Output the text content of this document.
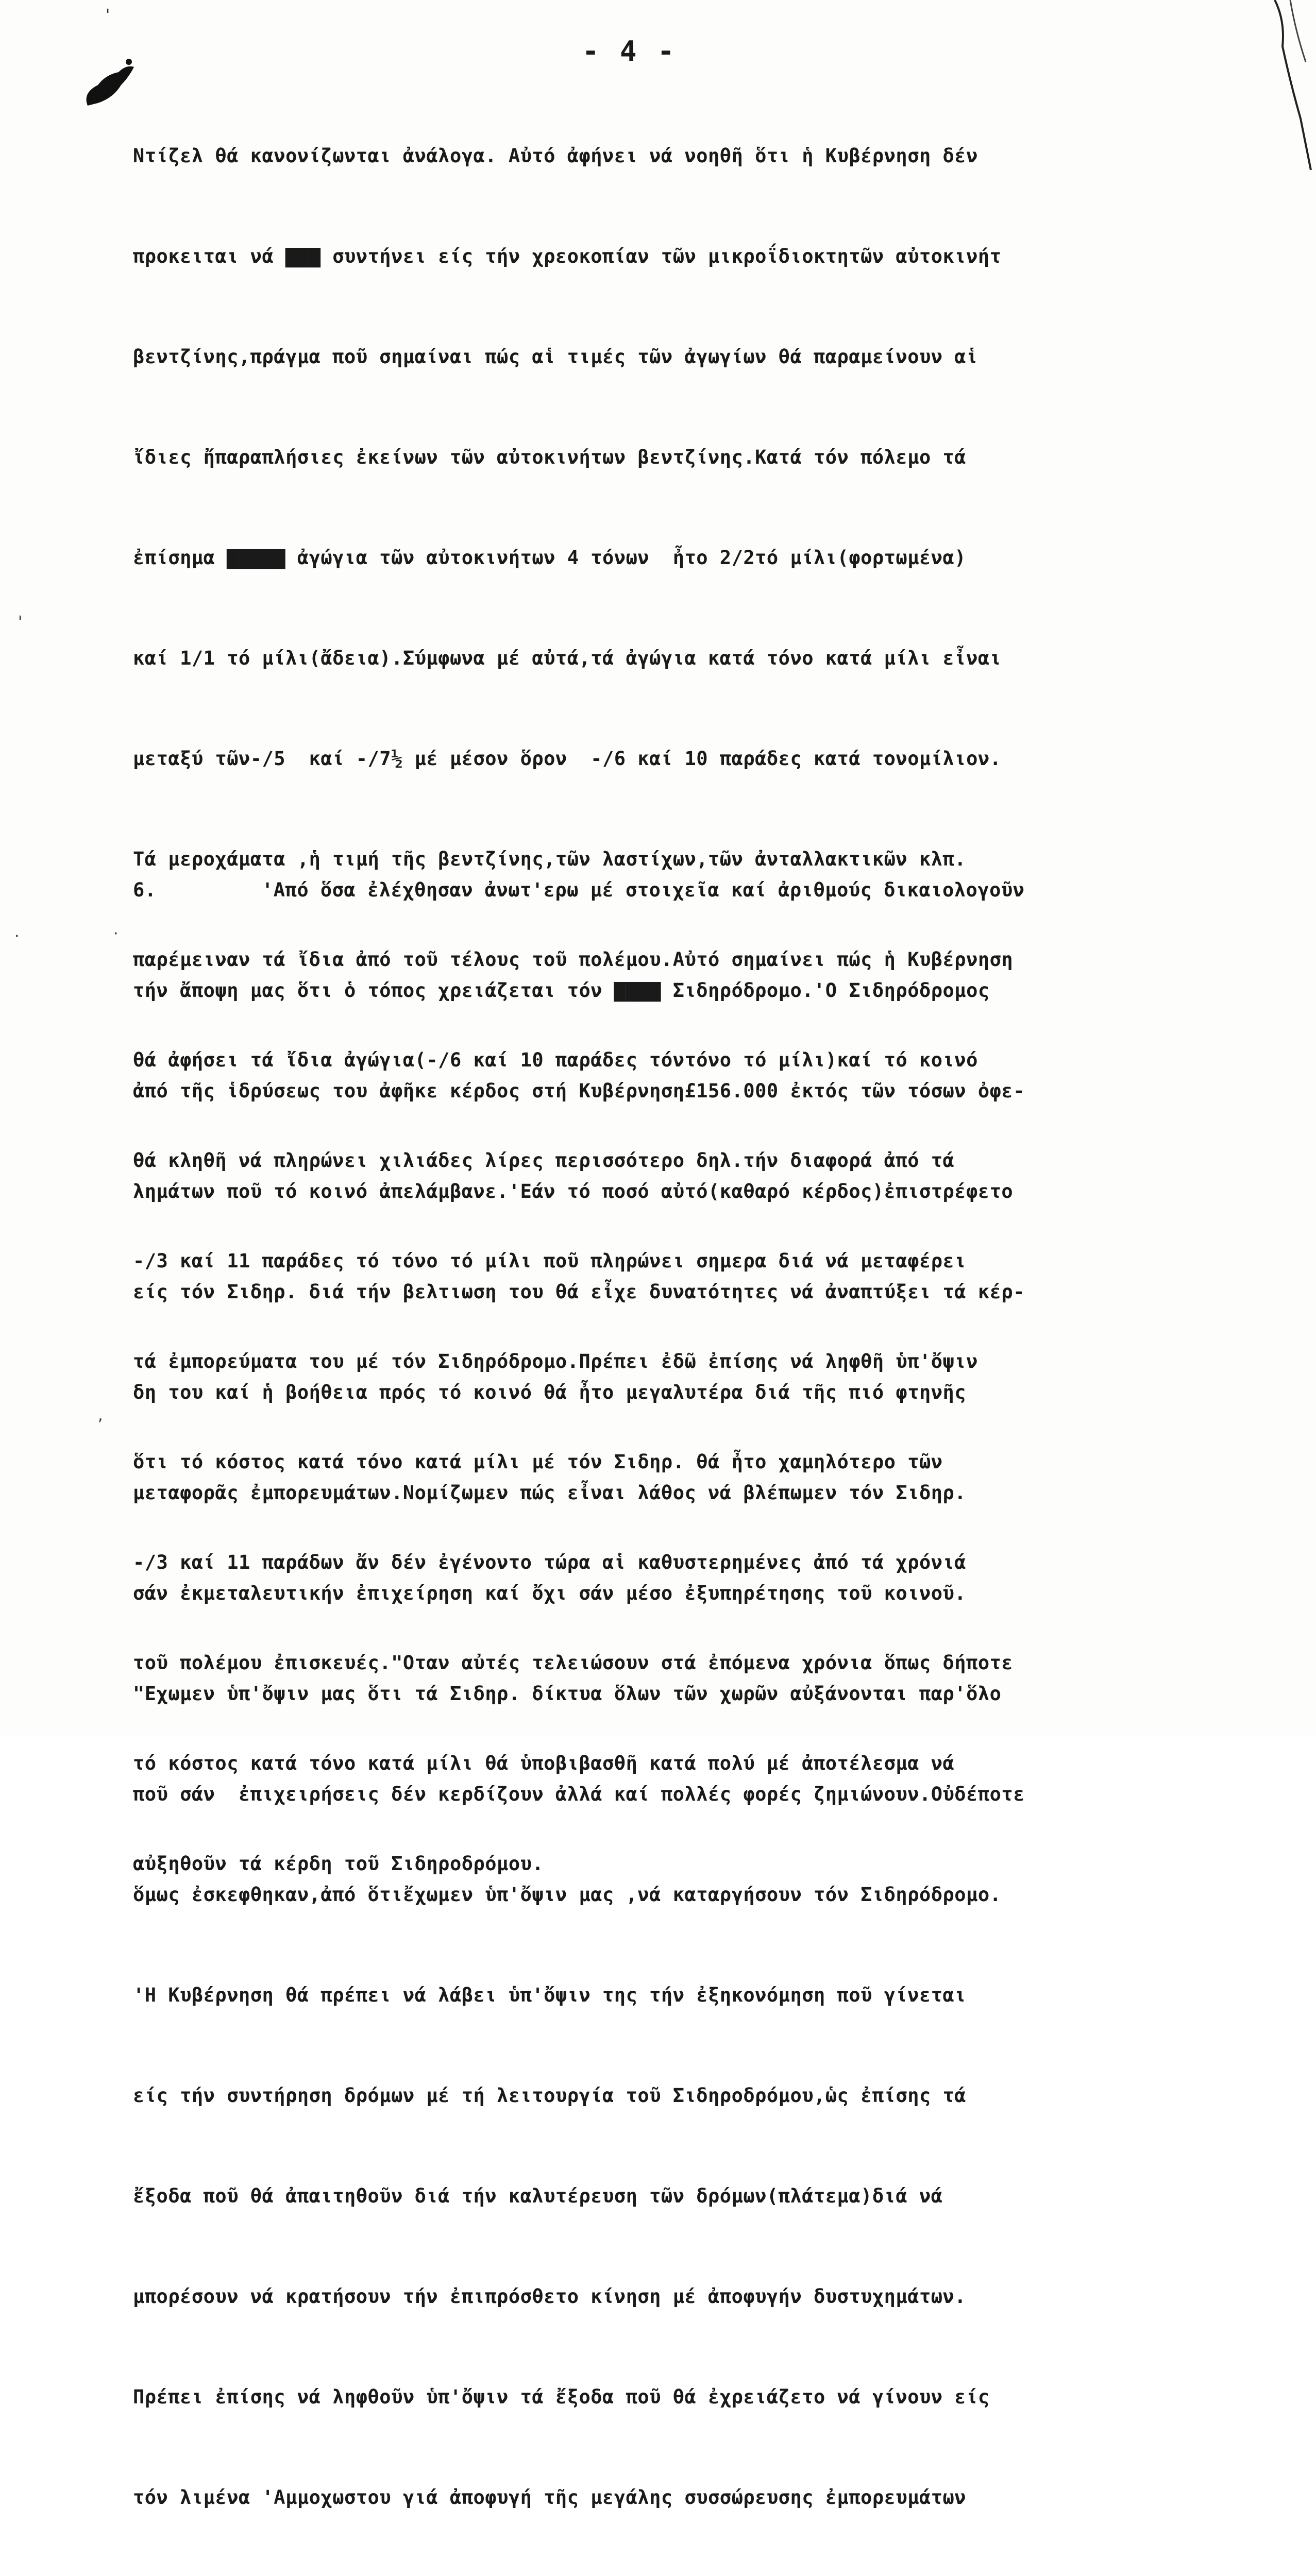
'
'
·	·
,
- 4 -

Ντίζελ θά κανονίζωνται ἀνάλογα. Αὐτό ἀφήνει νά νοηθῆ ὅτι ἡ Κυβέρνηση δέν

προκειται νά ▇▇▇ συντήνει είς τήν χρεοκοπίαν τῶν μικροΐδιοκτητῶν αὐτοκινήτ

βεντζίνης,πράγμα ποῦ σημαίναι πώς αἱ τιμές τῶν ἀγωγίων θά παραμείνουν αἱ

ἴδιες ἤπαραπλήσιες ἐκείνων τῶν αὐτοκινήτων βεντζίνης.Κατά τόν πόλεμο τά

ἐπίσημα ▇▇▇▇▇ ἀγώγια τῶν αὐτοκινήτων 4 τόνων  ἦτο 2/2τό μίλι(φορτωμένα)

καί 1/1 τό μίλι(ἄδεια).Σύμφωνα μέ αὐτά,τά ἀγώγια κατά τόνο κατά μίλι εἶναι

μεταξύ τῶν-/5  καί -/7½ μέ μέσον ὅρον  -/6 καί 10 παράδες κατά τονομίλιον.

Τά μεροχάματα ,ἡ τιμή τῆς βεντζίνης,τῶν λαστίχων,τῶν ἀνταλλακτικῶν κλπ.

παρέμειναν τά ἴδια ἀπό τοῦ τέλους τοῦ πολέμου.Αὐτό σημαίνει πώς ἡ Κυβέρνηση

θά ἀφήσει τά ἴδια ἀγώγια(-/6 καί 10 παράδες τόντόνο τό μίλι)καί τό κοινό

θά κληθῆ νά πληρώνει χιλιάδες λίρες περισσότερο δηλ.τήν διαφορά ἀπό τά

-/3 καί 11 παράδες τό τόνο τό μίλι ποῦ πληρώνει σημερα διά νά μεταφέρει

τά ἐμπορεύματα του μέ τόν Σιδηρόδρομο.Πρέπει ἐδῶ ἐπίσης νά ληφθῆ ὑπ'ὄψιν

ὅτι τό κόστος κατά τόνο κατά μίλι μέ τόν Σιδηρ. θά ἦτο χαμηλότερο τῶν

-/3 καί 11 παράδων ἄν δέν ἐγένοντο τώρα αἱ καθυστερημένες ἀπό τά χρόνιά

τοῦ πολέμου ἐπισκευές."Οταν αὐτές τελειώσουν στά ἐπόμενα χρόνια ὅπως δήποτε

τό κόστος κατά τόνο κατά μίλι θά ὑποβιβασθῆ κατά πολύ μέ ἀποτέλεσμα νά

αὐξηθοῦν τά κέρδη τοῦ Σιδηροδρόμου.

6.	'Από ὅσα ἐλέχθησαν ἀνωτ'ερω μέ στοιχεῖα καί ἀριθμούς δικαιολογοῦν

τήν ἄποψη μας ὅτι ὁ τόπος χρειάζεται τόν ▇▇▇▇ Σιδηρόδρομο.'Ο Σιδηρόδρομος

ἀπό τῆς ἱδρύσεως του ἀφῆκε κέρδος στή Κυβέρνηση£156.000 ἐκτός τῶν τόσων ὀφε-

λημάτων ποῦ τό κοινό ἀπελάμβανε.'Εάν τό ποσό αὐτό(καθαρό κέρδος)ἐπιστρέφετο

είς τόν Σιδηρ. διά τήν βελτιωση του θά εἶχε δυνατότητες νά ἀναπτύξει τά κέρ-

δη του καί ἡ βοήθεια πρός τό κοινό θά ἦτο μεγαλυτέρα διά τῆς πιό φτηνῆς

μεταφορᾶς ἐμπορευμάτων.Νομίζωμεν πώς εἶναι λάθος νά βλέπωμεν τόν Σιδηρ.

σάν ἐκμεταλευτικήν ἐπιχείρηση καί ὄχι σάν μέσο ἐξυπηρέτησης τοῦ κοινοῦ.

"Εχωμεν ὑπ'ὄψιν μας ὅτι τά Σιδηρ. δίκτυα ὅλων τῶν χωρῶν αὐξάνονται παρ'ὅλο

ποῦ σάν  ἐπιχειρήσεις δέν κερδίζουν ἀλλά καί πολλές φορές ζημιώνουν.Οὐδέποτε

ὅμως ἐσκεφθηκαν,ἀπό ὅτιἔχωμεν ὑπ'ὄψιν μας ,νά καταργήσουν τόν Σιδηρόδρομο.

'Η Κυβέρνηση θά πρέπει νά λάβει ὑπ'ὄψιν της τήν ἐξηκονόμηση ποῦ γίνεται

είς τήν συντήρηση δρόμων μέ τή λειτουργία τοῦ Σιδηροδρόμου,ὡς ἐπίσης τά

ἔξοδα ποῦ θά ἀπαιτηθοῦν διά τήν καλυτέρευση τῶν δρόμων(πλάτεμα)διά νά

μπορέσουν νά κρατήσουν τήν ἐπιπρόσθετο κίνηση μέ ἀποφυγήν δυστυχημάτων.

Πρέπει ἐπίσης νά ληφθοῦν ὑπ'ὄψιν τά ἔξοδα ποῦ θά ἐχρειάζετο νά γίνουν είς

τόν λιμένα 'Αμμοχωστου γιά ἀποφυγή τῆς μεγάλης συσσώρευσης ἐμπορευμάτων
